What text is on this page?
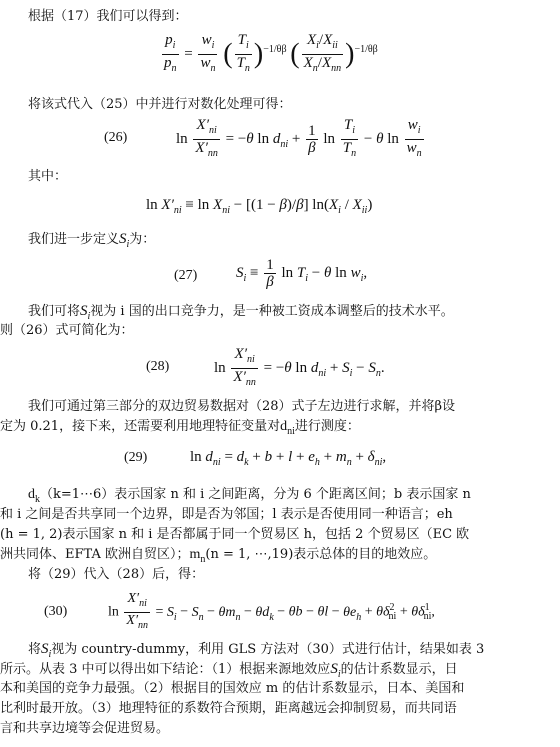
根据（17）我们可以得到：
$\frac{p_i}{p_n} = \frac{w_i}{w_n}$ ( $\frac{T_i}{T_n} )^{-1/\theta\beta}$ ( $\frac{X_i/X_{ii}}{X_n/X_{nn}} )^{-1/\theta\beta}$
将该式代入（25）中并进行对数化处理可得：
(26)	$\ln \frac{X'_{ni}}{X'_{nn}} = -\theta$ $\ln d_{ni} + \frac{1}{\beta}$ $\ln \frac{T_i}{T_n} - \theta$ $\ln \frac{w_i}{w_n}$
其中：
$\ln X'_{ni} \equiv \ln X_{ni} - [(1 - \beta)/\beta]$ $\ln(X_i / X_{ii})$
我们进一步定义$S_i$为：
(27)	$S_i \equiv \frac{1}{\beta}$ $\ln T_i - \theta$ $\ln w_i$,
我们可将$S_i$视为 i 国的出口竞争力，是一种被工资成本调整后的技术水平。
则（26）式可简化为：
(28)	$\ln \frac{X'_{ni}}{X'_{nn}} = -\theta$ $\ln d_{ni} + S_i - S_n$.
我们可通过第三部分的双边贸易数据对（28）式子左边进行求解，并将β设
定为 0.21，接下来，还需要利用地理特征变量对$d_{ni}$进行测度：
(29)	$\ln d_{ni} = d_k + b + l + e_h + m_n + \delta_{ni}$,
$d_k(k=1\cdots 6)$表示国家 n 和 i 之间距离，分为 6 个距离区间；b 表示国家 n
和 i 之间是否共享同一个边界，即是否为邻国；l 表示是否使用同一种语言；eh
(h = 1, 2)表示国家 n 和 i 是否都属于同一个贸易区 h，包括 2 个贸易区（EC 欧
洲共同体、EFTA 欧洲自贸区）；$m_n(n = 1$, ⋯,19)表示总体的目的地效应。
将（29）代入（28）后，得：
(30)	$\ln \frac{X'_{ni}}{X'_{nn}} = S_i - S_n - \theta m_n - \theta d_k - \theta b - \theta l - \theta e_h + \theta\delta^2_{ni} + \theta\delta^1_{ni}$,
将$S_i$视为 country-dummy，利用 GLS 方法对（30）式进行估计，结果如表 3
所示。从表 3 中可以得出如下结论：（1）根据来源地效应$S_i$的估计系数显示，日
本和美国的竞争力最强。（2）根据目的国效应 m 的估计系数显示，日本、美国和
比利时最开放。（3）地理特征的系数符合预期，距离越远会抑制贸易，而共同语
言和共享边境等会促进贸易。
